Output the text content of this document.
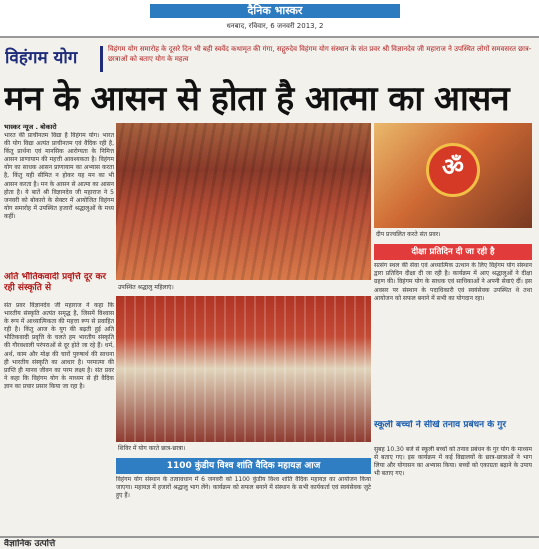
दैनिक भास्कर
धनबाद, रविवार, 6 जनवरी 2013, 2
विहंगम योग	विहंगम योग समारोह के दूसरे दिन भी बही स्वर्वेद कथामृत की गंगा, सद्गुरुदेव विहंगम योग संस्थान के संत प्रवर श्री विज्ञानदेव जी महाराज ने उपस्थित लोगों समवसरत छात्र-छात्राओं को बताए योग के महत्व
मन के आसन से होता है आत्मा का आसन
भास्कर न्यूज . बोकारो
भारत की प्राचीनतम विद्या है विहंगम योग। भारत की योग विद्या अत्यंत प्राचीनतम एवं वैदिक रही है, किंतु प्रार्थना एवं मानसिक आरोग्यता के निमित्त आसन प्राणायाम की महत्ती आवश्यकता है। विहंगम योग का साधक आसन प्राणायाम का अभ्यास करता है, किंतु यही सीमित न होकर यह मन का भी आसन करता है। मन के आसन से आत्मा का आसन होता है। ये बातें श्री विज्ञानदेव जी महाराज ने 5 जनवरी को बोकारो के सेक्टर में आयोजित विहंगम योग समारोह में उपस्थित हजारों श्रद्धालुओं के मध्य कहीं।
अति भौतिकवादी प्रवृत्ति दूर कर रही संस्कृति से
संत प्रवर विज्ञानदेव जी महाराज ने कहा कि भारतीय संस्कृति अत्यंत समृद्ध है, जिसमें विश्वास के रूप में आध्यात्मिकता की महत्ता रूप से प्रवाहित रही है। किंतु आज के युग की बढ़ती हुई अति भौतिकवादी प्रवृत्ति के चलते हम भारतीय संस्कृति की गौरवशाली परंपराओं से दूर होते जा रहे हैं। धर्म, अर्थ, काम और मोक्ष की चारों पुरुषार्थ की साधना ही भारतीय संस्कृति का आधार है। परमात्मा की प्राप्ति ही मानव जीवन का परम लक्ष्य है। संत प्रवर ने कहा कि विहंगम योग के माध्यम से ही वैदिक ज्ञान का प्रचार प्रसार किया जा रहा है।
उपस्थित श्रद्धालु महिलाएं।
शिविर में योग करते छात्र-छात्रा।
ॐ
दीप प्रज्वलित करते संत प्रवर।
दीक्षा प्रतिदिन दी जा रही है
सत्संग स्थल की सेवा एवं अध्यात्मिक उत्थान के लिए विहंगम योग संस्थान द्वारा प्रतिदिन दीक्षा दी जा रही है। कार्यक्रम में आए श्रद्धालुओं ने दीक्षा ग्रहण की। विहंगम योग के साधक एवं साधिकाओं ने अपनी सेवाएं दीं। इस अवसर पर संस्थान के पदाधिकारी एवं स्वयंसेवक उपस्थित थे तथा आयोजन को सफल बनाने में सभी का योगदान रहा।
स्कूली बच्चों ने सीखे तनाव प्रबंधन के गुर
सुबह 10.30 बजे से स्कूली बच्चों को तनाव प्रबंधन के गुर योग के माध्यम से बताए गए। इस कार्यक्रम में कई विद्यालयों के छात्र-छात्राओं ने भाग लिया और योगासन का अभ्यास किया। बच्चों को एकाग्रता बढ़ाने के उपाय भी बताए गए।
1100 कुंडीय विश्व शांति वैदिक महायज्ञ आज
विहंगम योग संस्थान के तत्वावधान में 6 जनवरी को 1100 कुंडीय विश्व शांति वैदिक महायज्ञ का आयोजन किया जाएगा। महायज्ञ में हजारों श्रद्धालु भाग लेंगे। कार्यक्रम को सफल बनाने में संस्थान के सभी कार्यकर्ता एवं स्वयंसेवक जुटे हुए हैं।
वैज्ञानिक उत्पत्ति
